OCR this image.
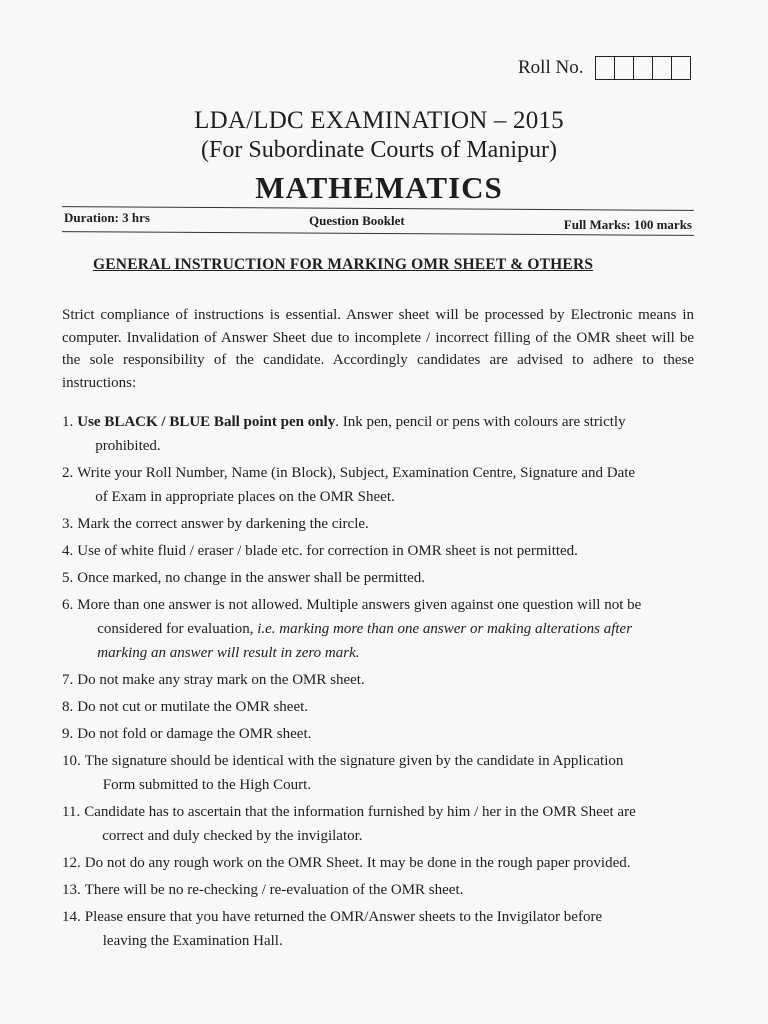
Roll No.
LDA/LDC EXAMINATION – 2015
(For Subordinate Courts of Manipur)
MATHEMATICS
Duration: 3 hrs	Question Booklet	Full Marks: 100 marks
GENERAL INSTRUCTION FOR MARKING OMR SHEET & OTHERS
Strict compliance of instructions is essential. Answer sheet will be processed by Electronic means in computer. Invalidation of Answer Sheet due to incomplete / incorrect filling of the OMR sheet will be the sole responsibility of the candidate. Accordingly candidates are advised to adhere to these instructions:
1. Use BLACK / BLUE Ball point pen only. Ink pen, pencil or pens with colours are strictly
prohibited.
2. Write your Roll Number, Name (in Block), Subject, Examination Centre, Signature and Date
of Exam in appropriate places on the OMR Sheet.
3. Mark the correct answer by darkening the circle.
4. Use of white fluid / eraser / blade etc. for correction in OMR sheet is not permitted.
5. Once marked, no change in the answer shall be permitted.
6. More than one answer is not allowed. Multiple answers given against one question will not be
considered for evaluation, i.e. marking more than one answer or making alterations after
marking an answer will result in zero mark.
7. Do not make any stray mark on the OMR sheet.
8. Do not cut or mutilate the OMR sheet.
9. Do not fold or damage the OMR sheet.
10. The signature should be identical with the signature given by the candidate in Application
Form submitted to the High Court.
11. Candidate has to ascertain that the information furnished by him / her in the OMR Sheet are
correct and duly checked by the invigilator.
12. Do not do any rough work on the OMR Sheet. It may be done in the rough paper provided.
13. There will be no re-checking / re-evaluation of the OMR sheet.
14. Please ensure that you have returned the OMR/Answer sheets to the Invigilator before
leaving the Examination Hall.
